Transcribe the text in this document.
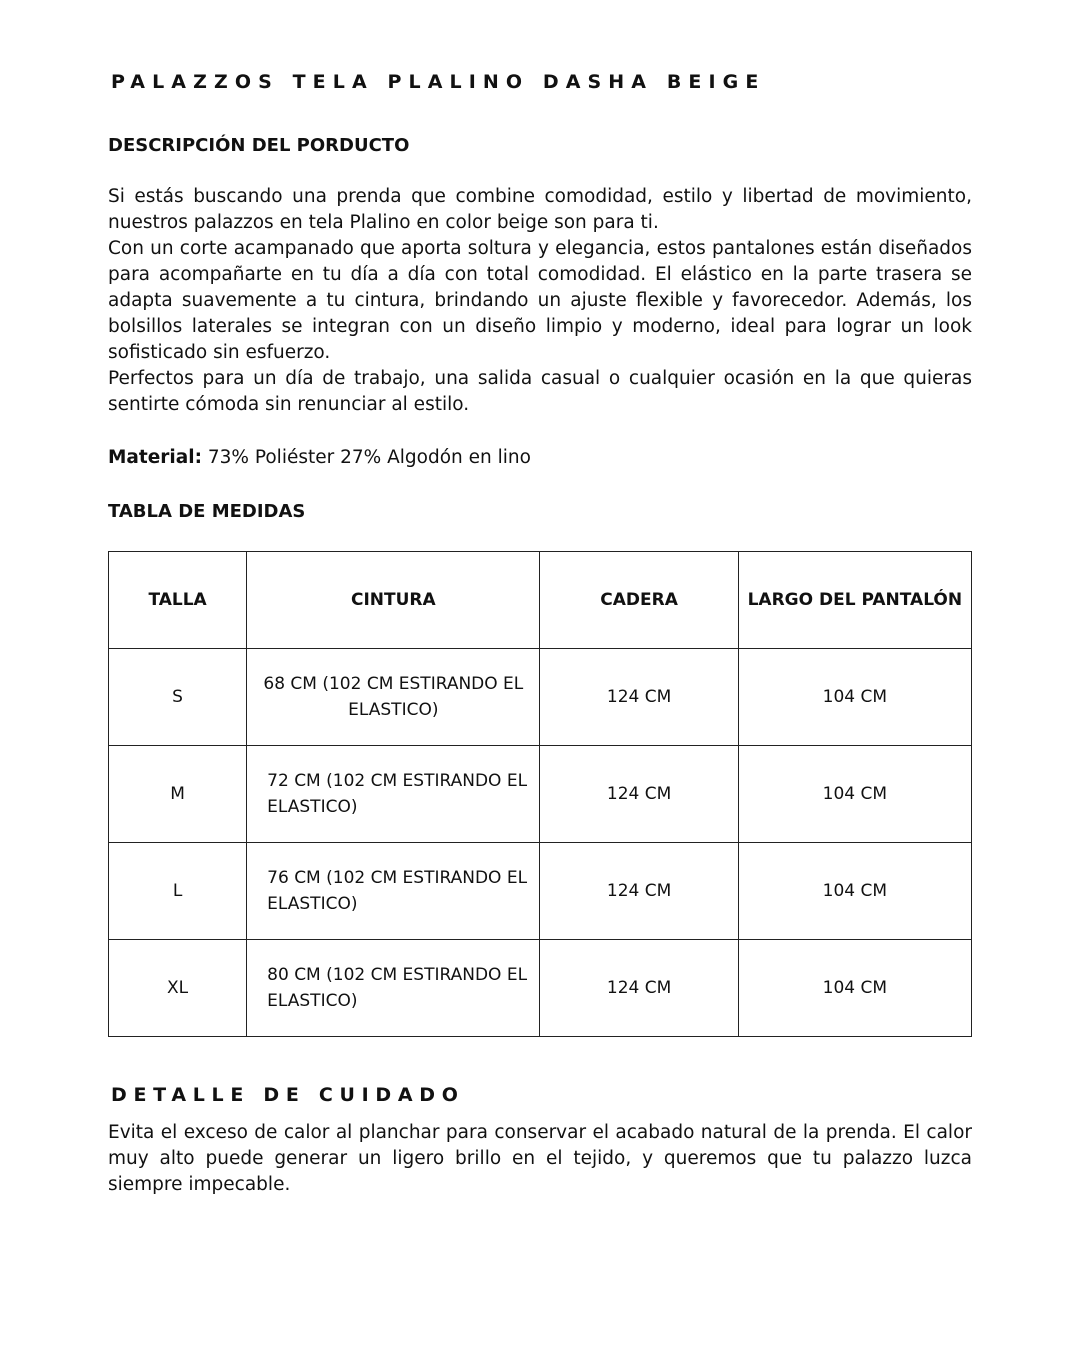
PALAZZOS TELA PLALINO DASHA BEIGE
DESCRIPCIÓN DEL PORDUCTO

Si estás buscando una prenda que combine comodidad, estilo y libertad de movimiento, nuestros palazzos en tela Plalino en color beige son para ti.

Con un corte acampanado que aporta soltura y elegancia, estos pantalones están diseñados para acompañarte en tu día a día con total comodidad. El elástico en la parte trasera se adapta suavemente a tu cintura, brindando un ajuste flexible y favorecedor. Además, los bolsillos laterales se integran con un diseño limpio y moderno, ideal para lograr un look sofisticado sin esfuerzo.

Perfectos para un día de trabajo, una salida casual o cualquier ocasión en la que quieras sentirte cómoda sin renunciar al estilo.

Material: 73% Poliéster 27% Algodón en lino
TABLA DE MEDIDAS
TALLA	CINTURA	CADERA	LARGO DEL PANTALÓN
S	68 CM (102 CM ESTIRANDO EL ELASTICO)	124 CM	104 CM
M	72 CM (102 CM ESTIRANDO EL ELASTICO)	124 CM	104 CM
L	76 CM (102 CM ESTIRANDO EL ELASTICO)	124 CM	104 CM
XL	80 CM (102 CM ESTIRANDO EL ELASTICO)	124 CM	104 CM
DETALLE DE CUIDADO

Evita el exceso de calor al planchar para conservar el acabado natural de la prenda. El calor muy alto puede generar un ligero brillo en el tejido, y queremos que tu palazzo luzca siempre impecable.
